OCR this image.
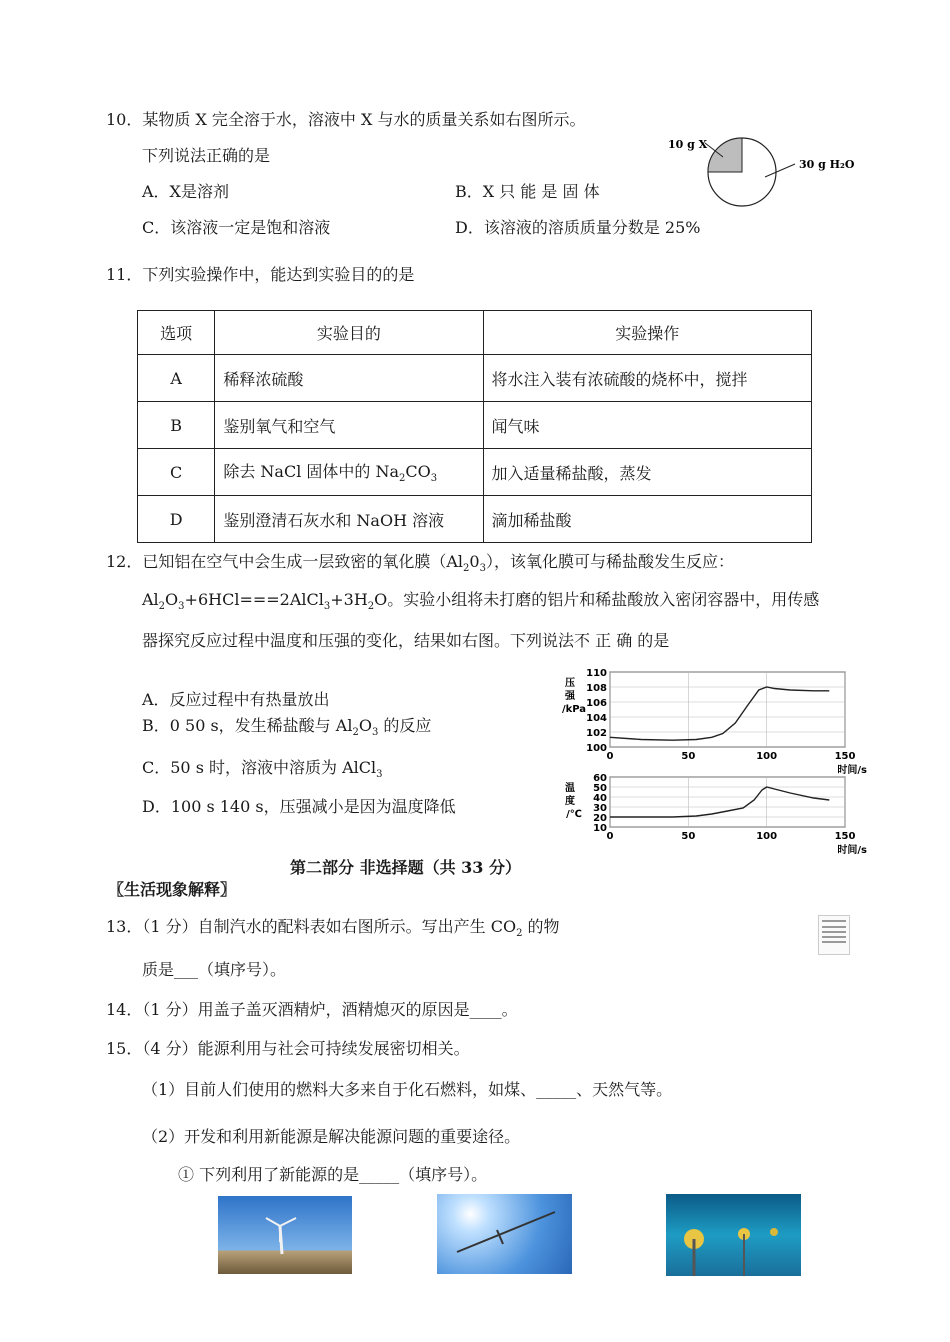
10．某物质 X 完全溶于水，溶液中 X 与水的质量关系如右图所示。
下列说法正确的是
A．X是溶剂	B．X 只 能 是 固 体
C．该溶液一定是饱和溶液	D．该溶液的溶质质量分数是 25%
10 g X
30 g H₂O
11．下列实验操作中，能达到实验目的的是
选项	实验目的	实验操作
A	稀释浓硫酸	将水注入装有浓硫酸的烧杯中，搅拌
B	鉴别氧气和空气	闻气味
C	除去 NaCl 固体中的 $Na_2CO_3$	加入适量稀盐酸，蒸发
D	鉴别澄清石灰水和 NaOH 溶液	滴加稀盐酸
12．已知铝在空气中会生成一层致密的氧化膜$(Al_20_3)$，该氧化膜可与稀盐酸发生反应：
$Al_2O_3+6HCl===2AlCl_3+3H_2O$。实验小组将未打磨的铝片和稀盐酸放入密闭容器中，用传感
器探究反应过程中温度和压强的变化，结果如右图。下列说法不 正 确 的是
A．反应过程中有热量放出
B．0 50 s，发生稀盐酸与 $Al_2O_3$ 的反应
C．50 s 时，溶液中溶质为 AlCl$_3$
D．100 s 140 s，压强减小是因为温度降低
100
102
104
106
108
110
0	50	100	150
压
强
/kPa
时间/s
10
20
30
40
50
60
0	50	100	150
温
度
/℃
时间/s
第二部分 非选择题（共 33 分）
〖生活现象解释〗
13．（1 分）自制汽水的配料表如右图所示。写出产生 $CO_2$ 的物
质是___（填序号）。
14．（1 分）用盖子盖灭酒精炉，酒精熄灭的原因是____。
15．（4 分）能源利用与社会可持续发展密切相关。
（1）目前人们使用的燃料大多来自于化石燃料，如煤、_____、天然气等。
（2）开发和利用新能源是解决能源问题的重要途径。
① 下列利用了新能源的是_____（填序号）。
